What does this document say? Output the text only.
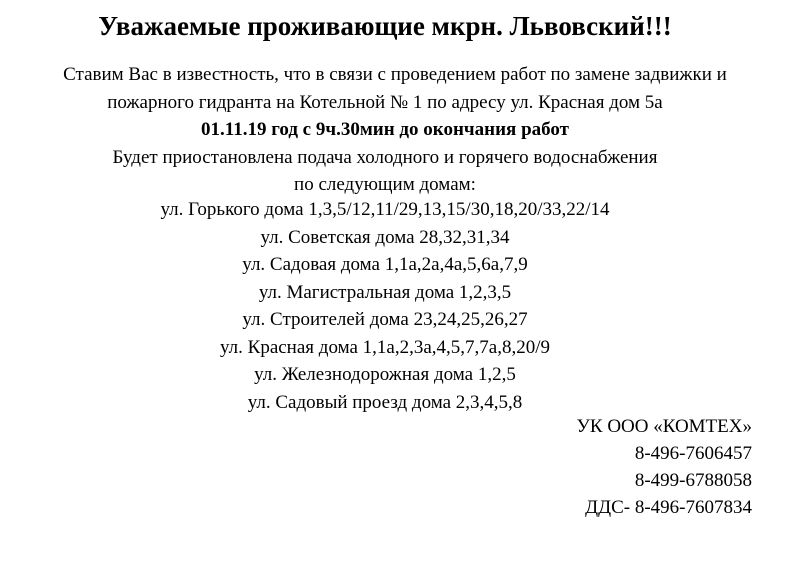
Уважаемые проживающие мкрн. Львовский!!!
Ставим Вас в известность, что в связи с проведением работ по замене задвижки и
пожарного гидранта на Котельной № 1 по адресу ул. Красная дом 5а
01.11.19 год с 9ч.30мин до окончания работ
Будет приостановлена подача холодного и горячего водоснабжения
по следующим домам:
ул. Горького дома 1,3,5/12,11/29,13,15/30,18,20/33,22/14
ул. Советская дома 28,32,31,34
ул. Садовая дома 1,1а,2а,4а,5,6а,7,9
ул. Магистральная дома 1,2,3,5
ул. Строителей дома 23,24,25,26,27
ул. Красная дома 1,1а,2,3а,4,5,7,7а,8,20/9
ул. Железнодорожная дома 1,2,5
ул. Садовый проезд дома 2,3,4,5,8
УК ООО «КОМТЕХ»
8-496-7606457
8-499-6788058
ДДС- 8-496-7607834
